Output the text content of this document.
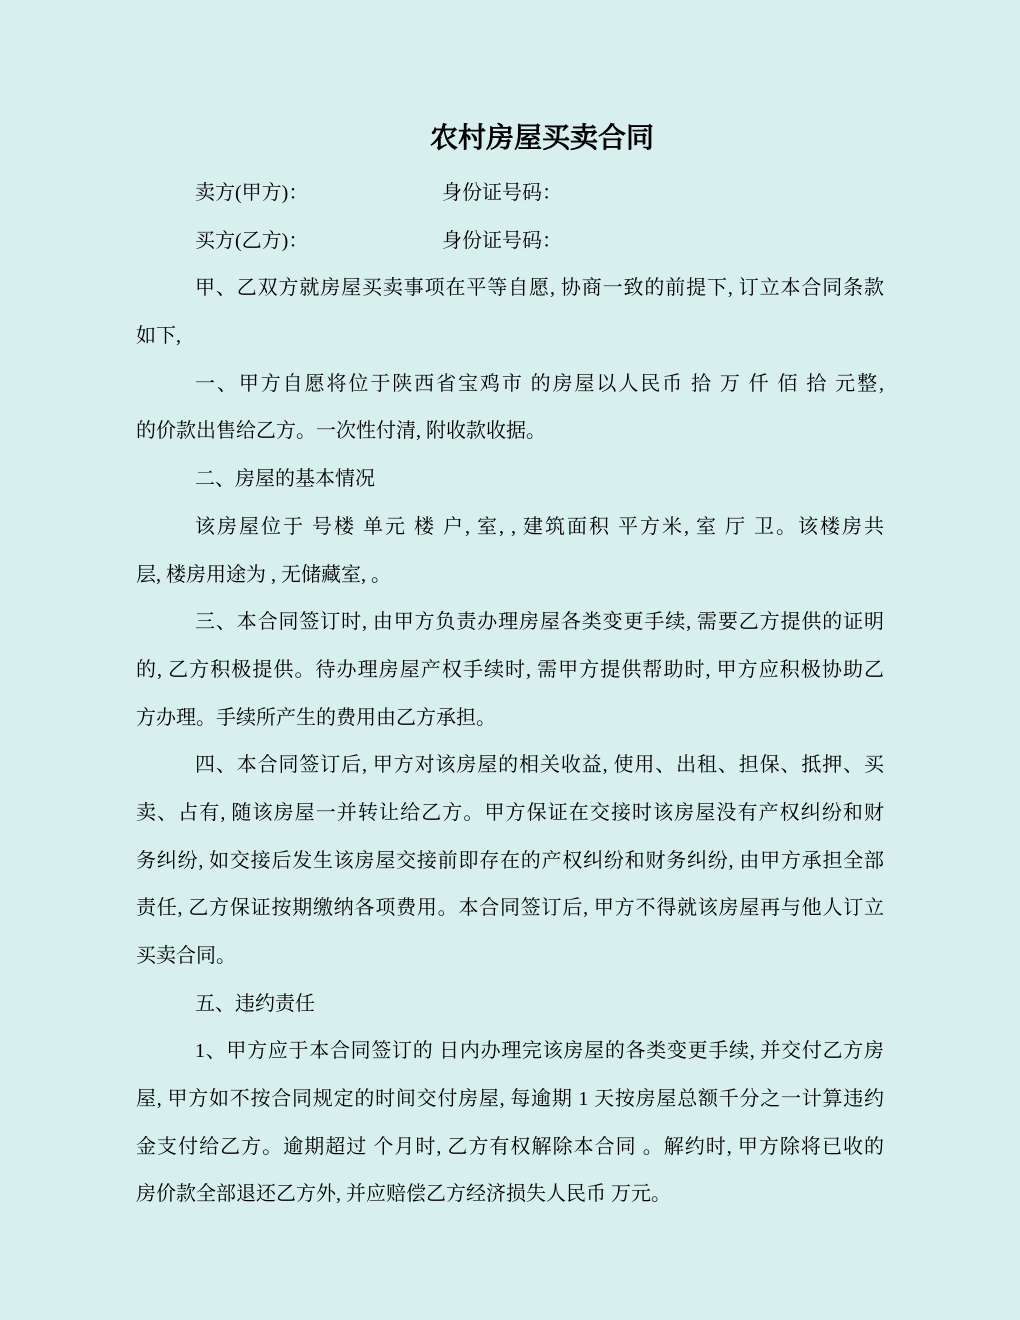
农村房屋买卖合同
卖方(甲方)：	身份证号码：
买方(乙方)：	身份证号码：
甲、乙双方就房屋买卖事项在平等自愿, 协商一致的前提下, 订立本合同条款
如下,
一、甲方自愿将位于陕西省宝鸡市 的房屋以人民币 拾 万 仟 佰 拾 元整,
的价款出售给乙方。一次性付清, 附收款收据。
二、房屋的基本情况
该房屋位于 号楼 单元 楼 户, 室, , 建筑面积 平方米, 室 厅 卫。该楼房共
层, 楼房用途为 , 无储藏室, 。
三、本合同签订时, 由甲方负责办理房屋各类变更手续, 需要乙方提供的证明
的, 乙方积极提供。待办理房屋产权手续时, 需甲方提供帮助时, 甲方应积极协助乙
方办理。手续所产生的费用由乙方承担。
四、本合同签订后, 甲方对该房屋的相关收益, 使用、出租、担保、抵押、买
卖、占有, 随该房屋一并转让给乙方。甲方保证在交接时该房屋没有产权纠纷和财
务纠纷, 如交接后发生该房屋交接前即存在的产权纠纷和财务纠纷, 由甲方承担全部
责任, 乙方保证按期缴纳各项费用。本合同签订后, 甲方不得就该房屋再与他人订立
买卖合同。
五、违约责任
1、甲方应于本合同签订的 日内办理完该房屋的各类变更手续, 并交付乙方房
屋, 甲方如不按合同规定的时间交付房屋, 每逾期 1 天按房屋总额千分之一计算违约
金支付给乙方。逾期超过 个月时, 乙方有权解除本合同 。解约时, 甲方除将已收的
房价款全部退还乙方外, 并应赔偿乙方经济损失人民币 万元。
